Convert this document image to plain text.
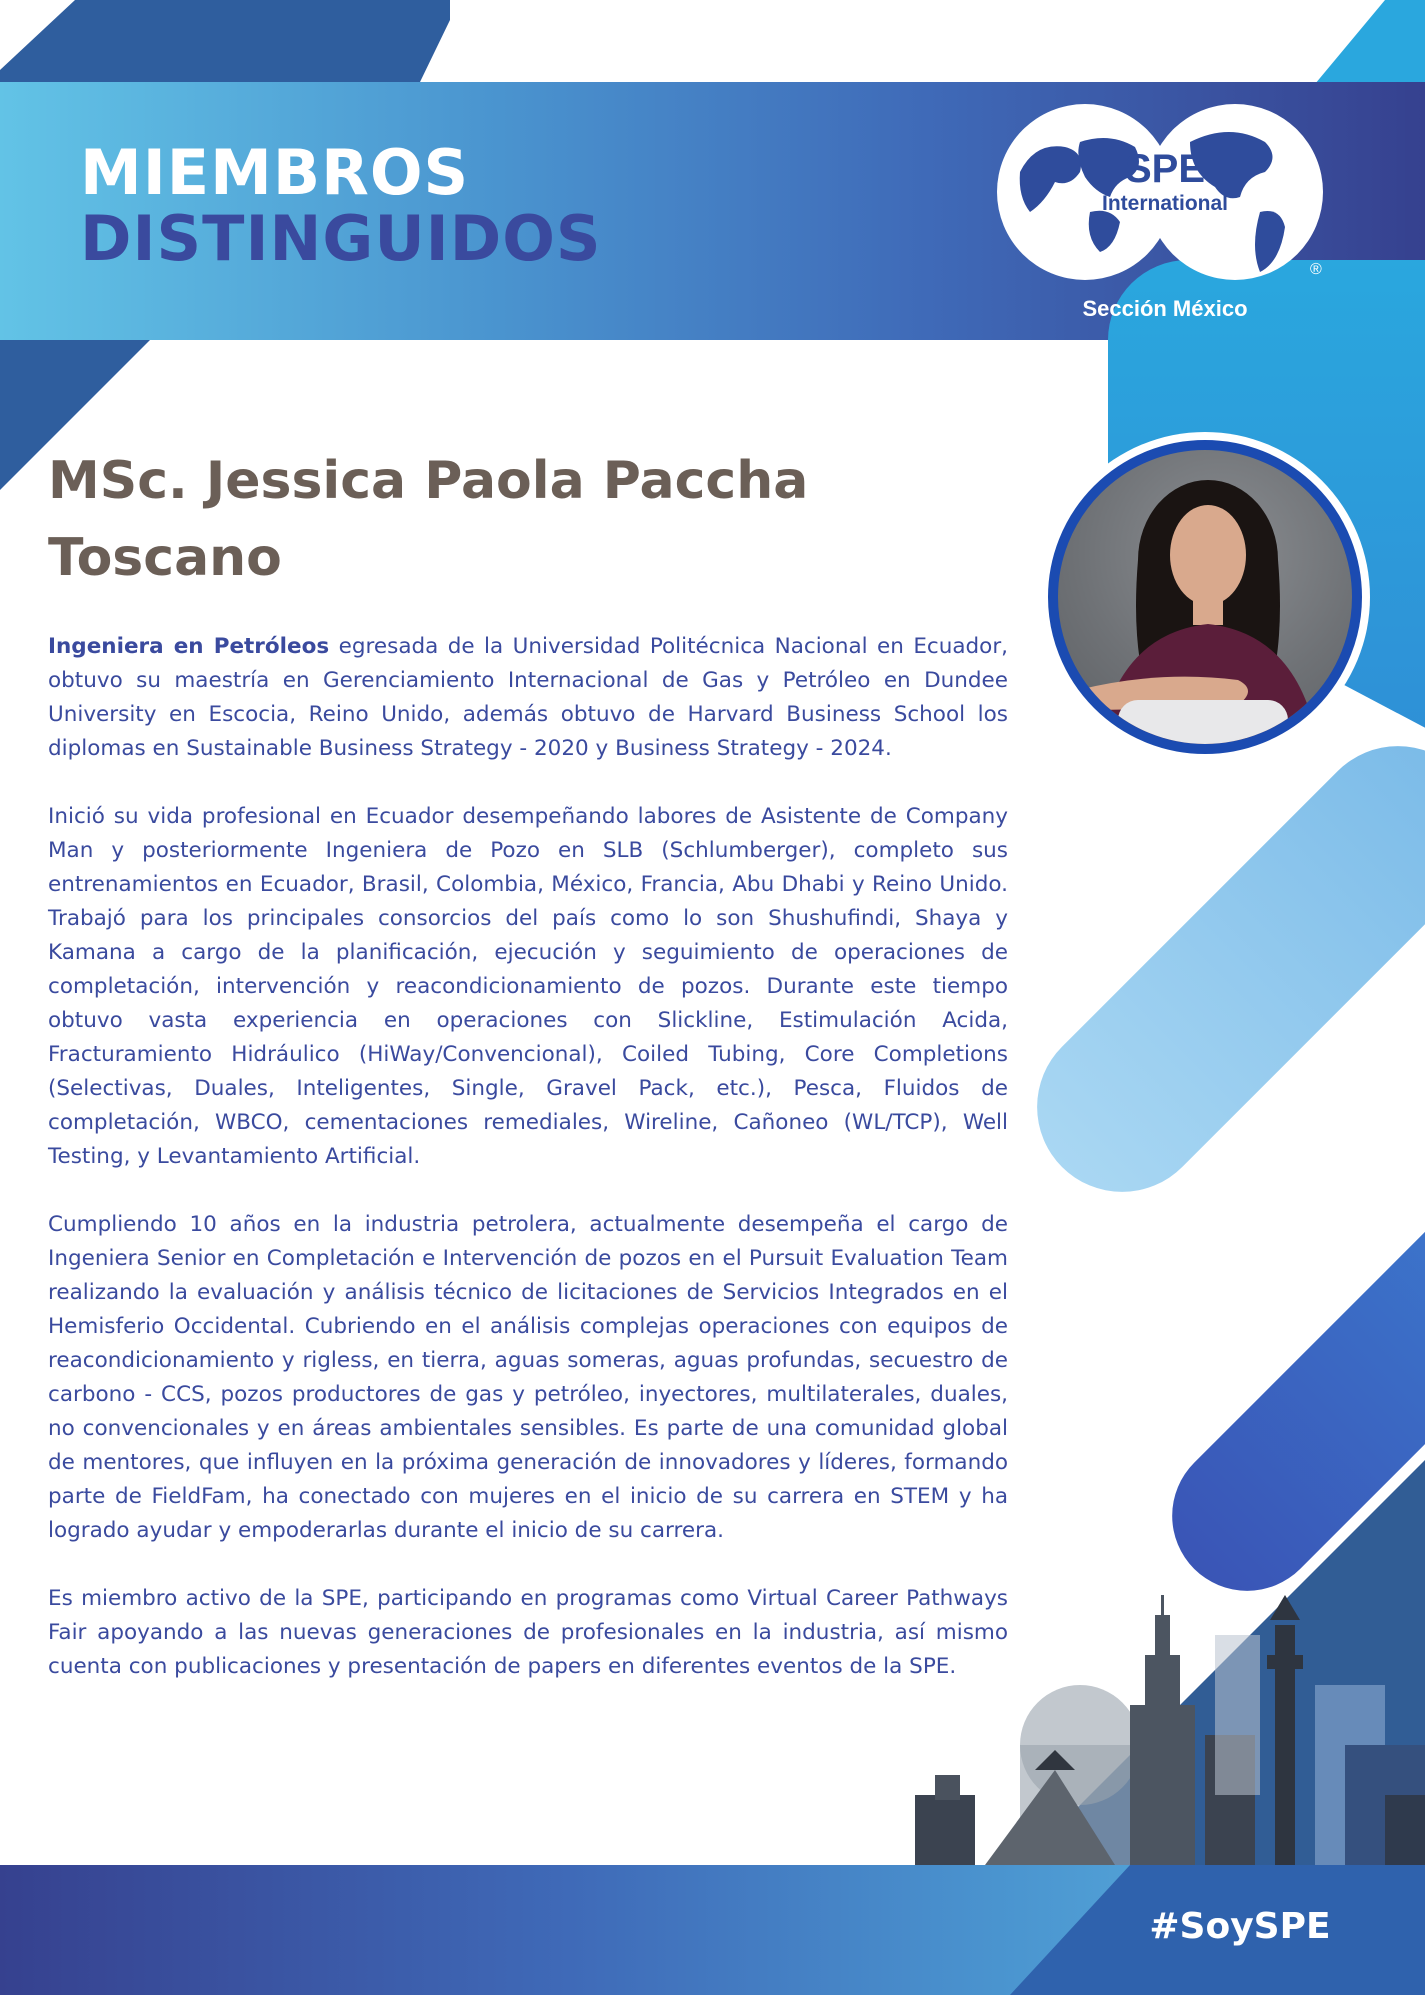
MIEMBROS
DISTINGUIDOS
SPE
International
®
Sección México
MSc. Jessica Paola Paccha Toscano

Ingeniera en Petróleos egresada de la Universidad Politécnica Nacional en Ecuador, obtuvo su maestría en Gerenciamiento Internacional de Gas y Petróleo en Dundee University en Escocia, Reino Unido, además obtuvo de Harvard Business School los diplomas en Sustainable Business Strategy - 2020 y Business Strategy - 2024.

Inició su vida profesional en Ecuador desempeñando labores de Asistente de Company Man y posteriormente Ingeniera de Pozo en SLB (Schlumberger), completo sus entrenamientos en Ecuador, Brasil, Colombia, México, Francia, Abu Dhabi y Reino Unido. Trabajó para los principales consorcios del país como lo son Shushufindi, Shaya y Kamana a cargo de la planificación, ejecución y seguimiento de operaciones de completación, intervención y reacondicionamiento de pozos. Durante este tiempo obtuvo vasta experiencia en operaciones con Slickline, Estimulación Acida, Fracturamiento Hidráulico (HiWay/Convencional), Coiled Tubing, Core Completions (Selectivas, Duales, Inteligentes, Single, Gravel Pack, etc.), Pesca, Fluidos de completación, WBCO, cementaciones remediales, Wireline, Cañoneo (WL/TCP), Well Testing, y Levantamiento Artificial.

Cumpliendo 10 años en la industria petrolera, actualmente desempeña el cargo de Ingeniera Senior en Completación e Intervención de pozos en el Pursuit Evaluation Team realizando la evaluación y análisis técnico de licitaciones de Servicios Integrados en el Hemisferio Occidental. Cubriendo en el análisis complejas operaciones con equipos de reacondicionamiento y rigless, en tierra, aguas someras, aguas profundas, secuestro de carbono - CCS, pozos productores de gas y petróleo, inyectores, multilaterales, duales, no convencionales y en áreas ambientales sensibles. Es parte de una comunidad global de mentores, que influyen en la próxima generación de innovadores y líderes, formando parte de FieldFam, ha conectado con mujeres en el inicio de su carrera en STEM y ha logrado ayudar y empoderarlas durante el inicio de su carrera.

Es miembro activo de la SPE, participando en programas como Virtual Career Pathways Fair apoyando a las nuevas generaciones de profesionales en la industria, así mismo cuenta con publicaciones y presentación de papers en diferentes eventos de la SPE.

#SoySPE
